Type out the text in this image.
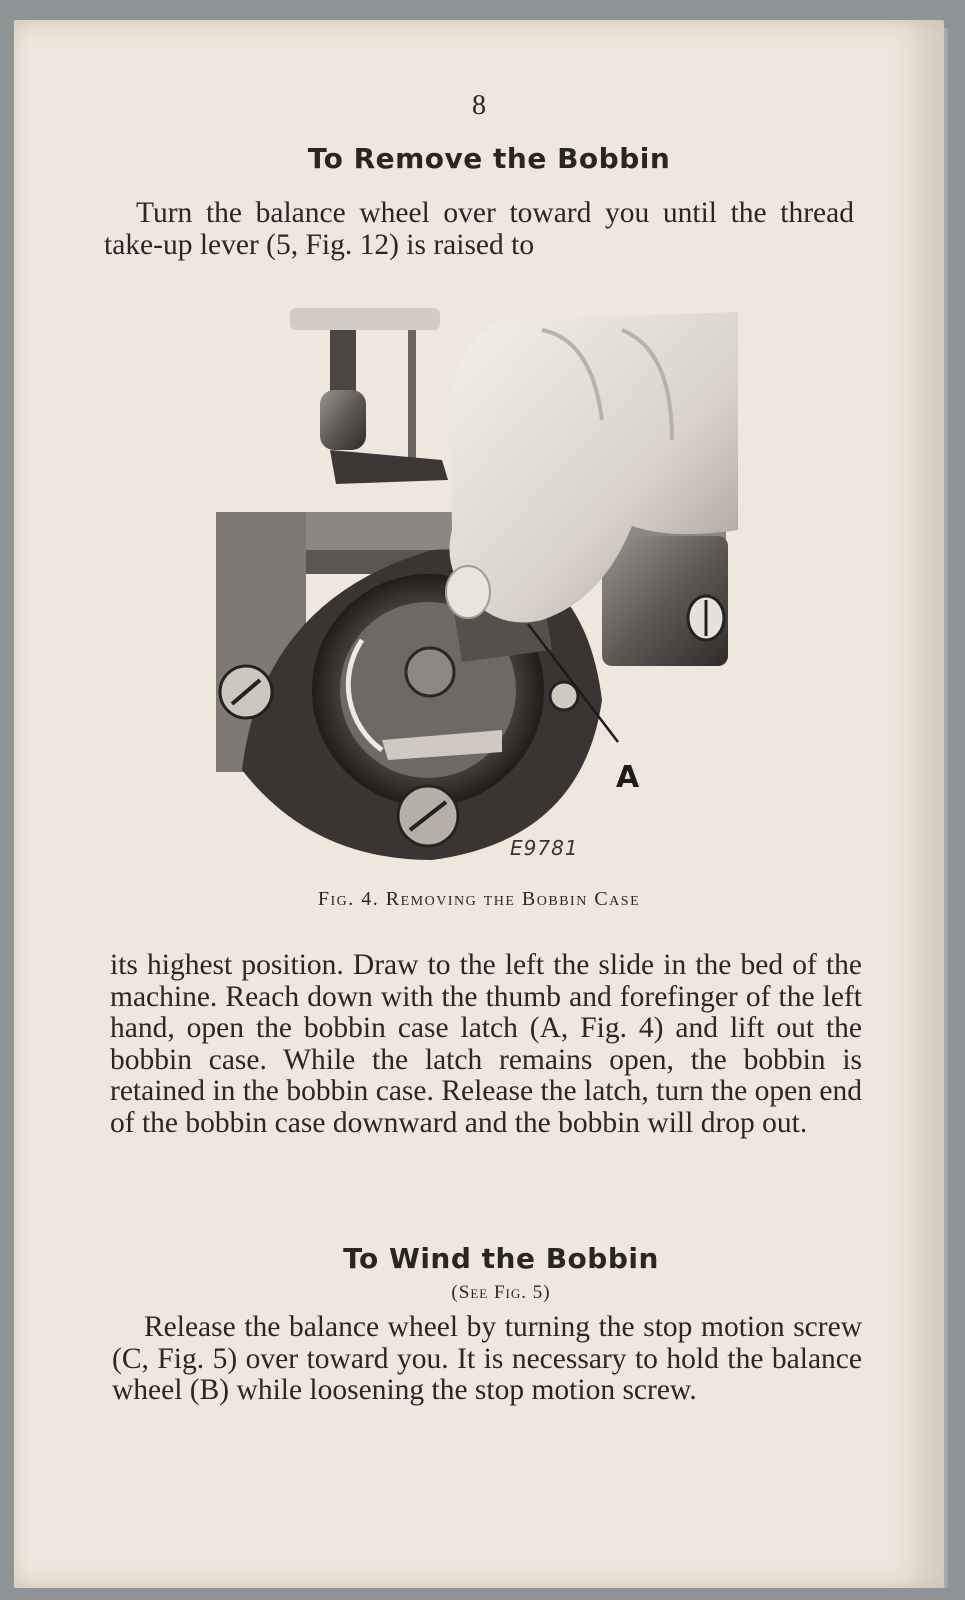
8
To Remove the Bobbin

Turn the balance wheel over toward you until the thread take-up lever (5, Fig. 12) is raised to

A
E9781
Fig. 4. Removing the Bobbin Case

its highest position. Draw to the left the slide in the bed of the machine. Reach down with the thumb and forefinger of the left hand, open the bobbin case latch (A, Fig. 4) and lift out the bobbin case. While the latch remains open, the bobbin is retained in the bobbin case. Release the latch, turn the open end of the bobbin case downward and the bobbin will drop out.

To Wind the Bobbin
(See Fig. 5)

Release the balance wheel by turning the stop motion screw (C, Fig. 5) over toward you. It is necessary to hold the balance wheel (B) while loosening the stop motion screw.
